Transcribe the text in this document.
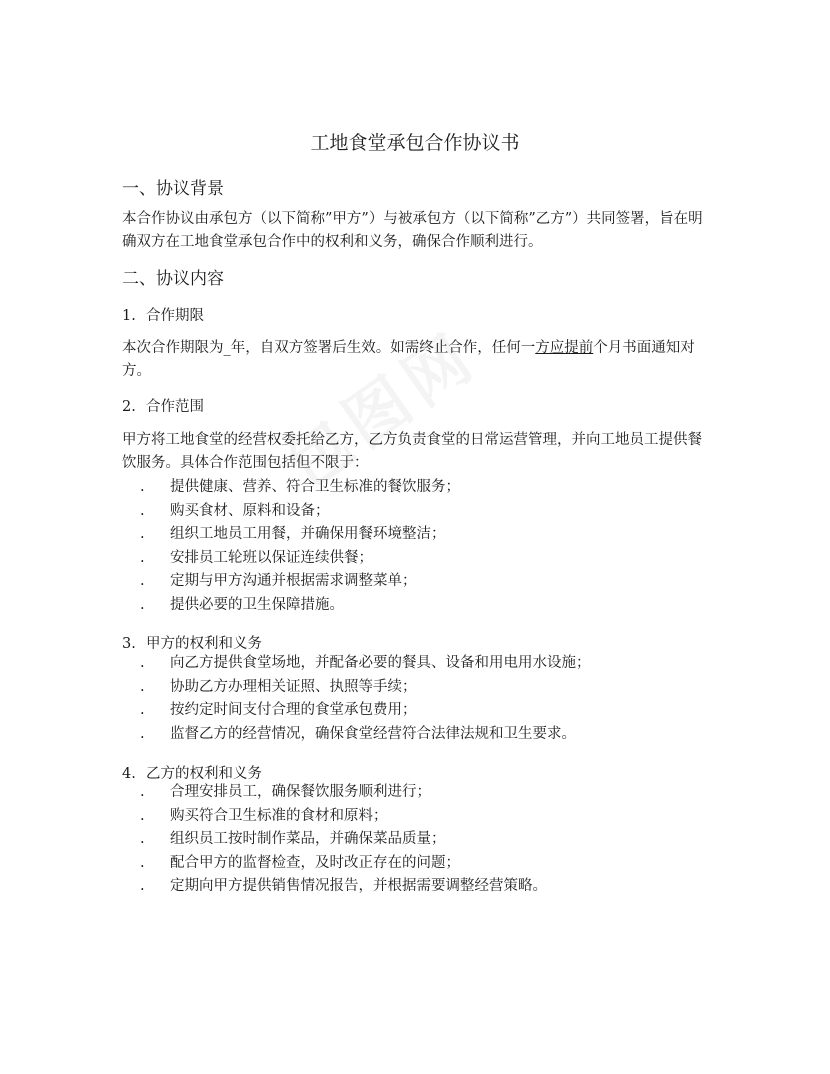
工地食堂承包合作协议书
一、协议背景

本合作协议由承包方（以下简称”甲方”）与被承包方（以下简称”乙方”）共同签署，旨在明确双方在工地食堂承包合作中的权利和义务，确保合作顺利进行。

二、协议内容
1. 合作期限

本次合作期限为_年，自双方签署后生效。如需终止合作，任何一方应提前个月书面通知对方。

2. 合作范围

甲方将工地食堂的经营权委托给乙方，乙方负责食堂的日常运营管理，并向工地员工提供餐饮服务。具体合作范围包括但不限于：

. 提供健康、营养、符合卫生标准的餐饮服务；
. 购买食材、原料和设备；
. 组织工地员工用餐，并确保用餐环境整洁；
. 安排员工轮班以保证连续供餐；
. 定期与甲方沟通并根据需求调整菜单；
. 提供必要的卫生保障措施。
3. 甲方的权利和义务
. 向乙方提供食堂场地，并配备必要的餐具、设备和用电用水设施；
. 协助乙方办理相关证照、执照等手续；
. 按约定时间支付合理的食堂承包费用；
. 监督乙方的经营情况，确保食堂经营符合法律法规和卫生要求。
4. 乙方的权利和义务
. 合理安排员工，确保餐饮服务顺利进行；
. 购买符合卫生标准的食材和原料；
. 组织员工按时制作菜品，并确保菜品质量；
. 配合甲方的监督检查，及时改正存在的问题；
. 定期向甲方提供销售情况报告，并根据需要调整经营策略。
